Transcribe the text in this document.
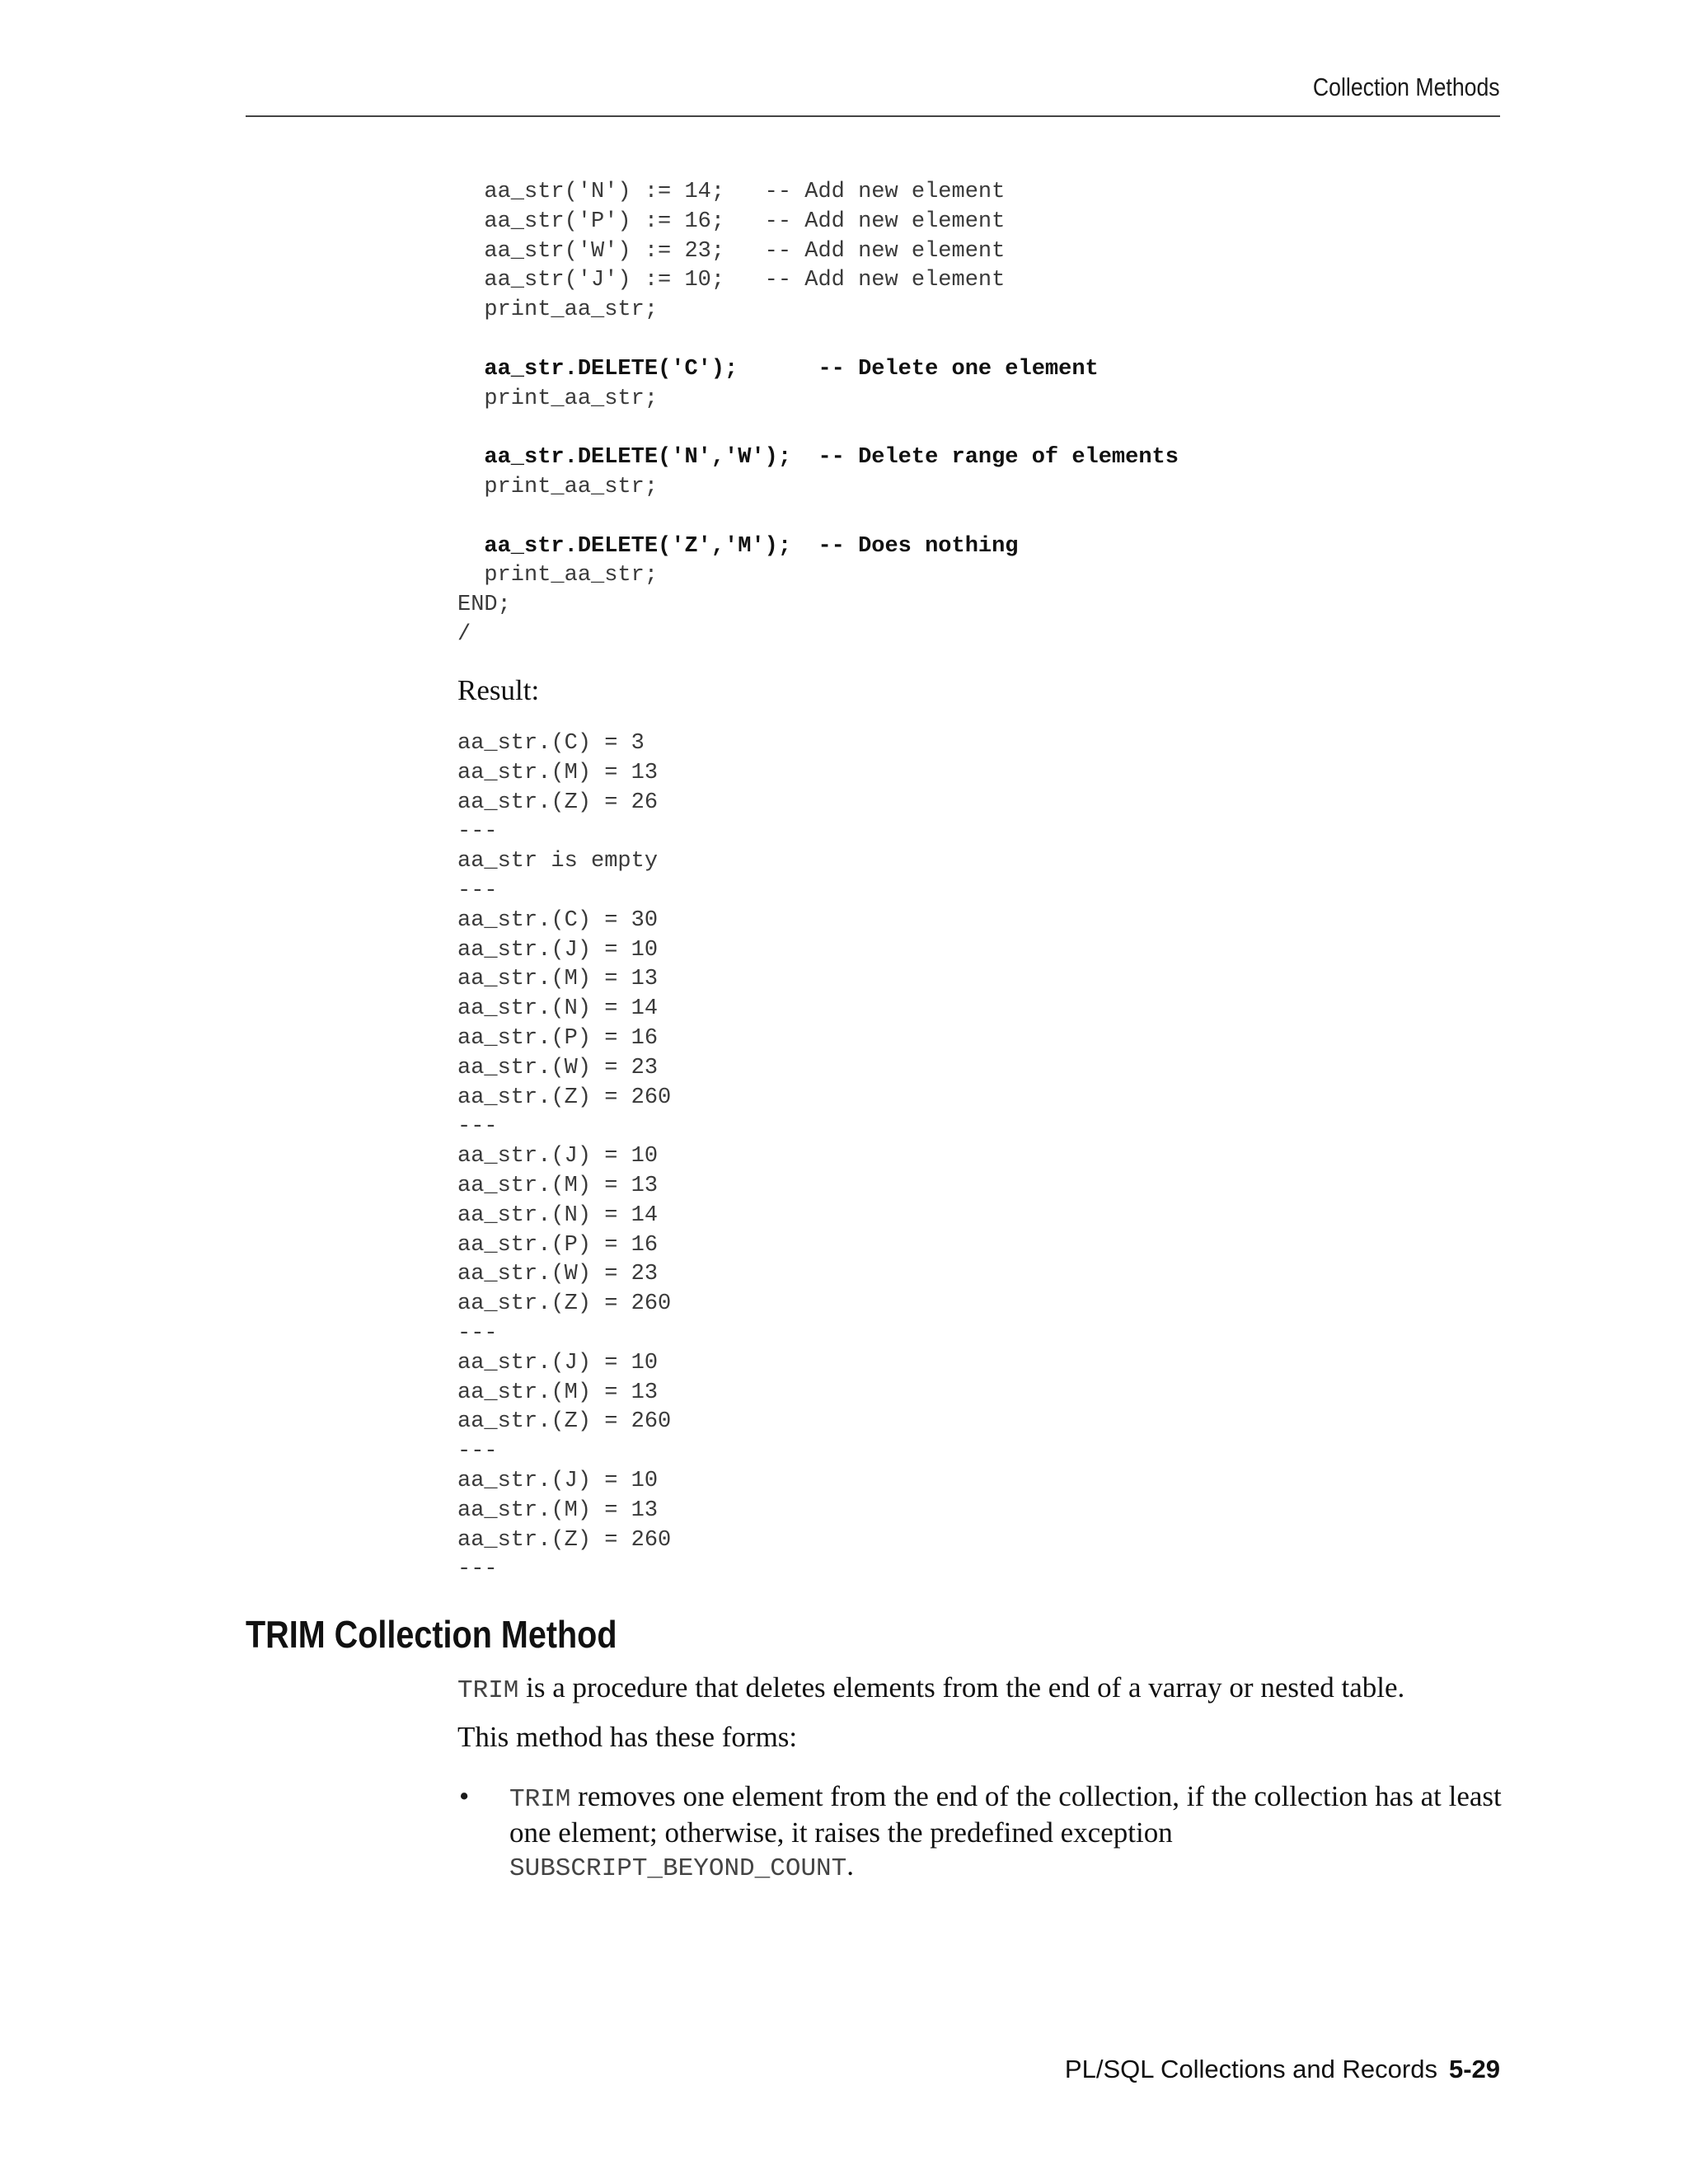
Collection Methods
aa_str('N') := 14;   -- Add new element
aa_str('P') := 16;   -- Add new element
aa_str('W') := 23;   -- Add new element
aa_str('J') := 10;   -- Add new element
print_aa_str;

aa_str.DELETE('C');      -- Delete one element
print_aa_str;

aa_str.DELETE('N','W');  -- Delete range of elements
print_aa_str;

aa_str.DELETE('Z','M');  -- Does nothing
print_aa_str;
END;
/
Result:
aa_str.(C) = 3
aa_str.(M) = 13
aa_str.(Z) = 26
---
aa_str is empty
---
aa_str.(C) = 30
aa_str.(J) = 10
aa_str.(M) = 13
aa_str.(N) = 14
aa_str.(P) = 16
aa_str.(W) = 23
aa_str.(Z) = 260
---
aa_str.(J) = 10
aa_str.(M) = 13
aa_str.(N) = 14
aa_str.(P) = 16
aa_str.(W) = 23
aa_str.(Z) = 260
---
aa_str.(J) = 10
aa_str.(M) = 13
aa_str.(Z) = 260
---
aa_str.(J) = 10
aa_str.(M) = 13
aa_str.(Z) = 260
---
TRIM Collection Method

TRIM is a procedure that deletes elements from the end of a varray or nested table.

This method has these forms:

• TRIM removes one element from the end of the collection, if the collection has at least one element; otherwise, it raises the predefined exception SUBSCRIPT_BEYOND_COUNT.

PL/SQL Collections and Records 5-29
